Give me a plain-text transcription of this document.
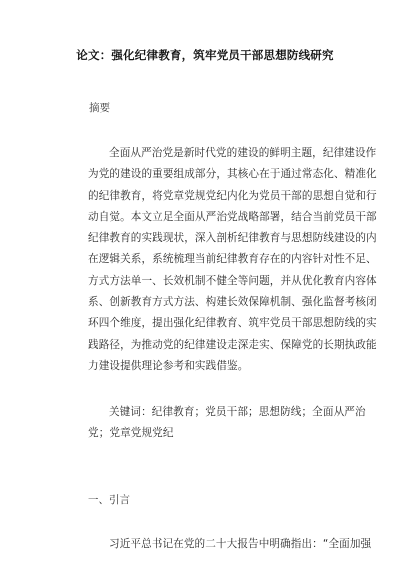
论文：强化纪律教育，筑牢党员干部思想防线研究
摘要
全面从严治党是新时代党的建设的鲜明主题，纪律建设作
为党的建设的重要组成部分，其核心在于通过常态化、精准化
的纪律教育，将党章党规党纪内化为党员干部的思想自觉和行
动自觉。本文立足全面从严治党战略部署，结合当前党员干部
纪律教育的实践现状，深入剖析纪律教育与思想防线建设的内
在逻辑关系，系统梳理当前纪律教育存在的内容针对性不足、
方式方法单一、长效机制不健全等问题，并从优化教育内容体
系、创新教育方式方法、构建长效保障机制、强化监督考核闭
环四个维度，提出强化纪律教育、筑牢党员干部思想防线的实
践路径，为推动党的纪律建设走深走实、保障党的长期执政能
力建设提供理论参考和实践借鉴。
关键词：纪律教育；党员干部；思想防线；全面从严治
党；党章党规党纪
一、引言
习近平总书记在党的二十大报告中明确指出：“全面加强
